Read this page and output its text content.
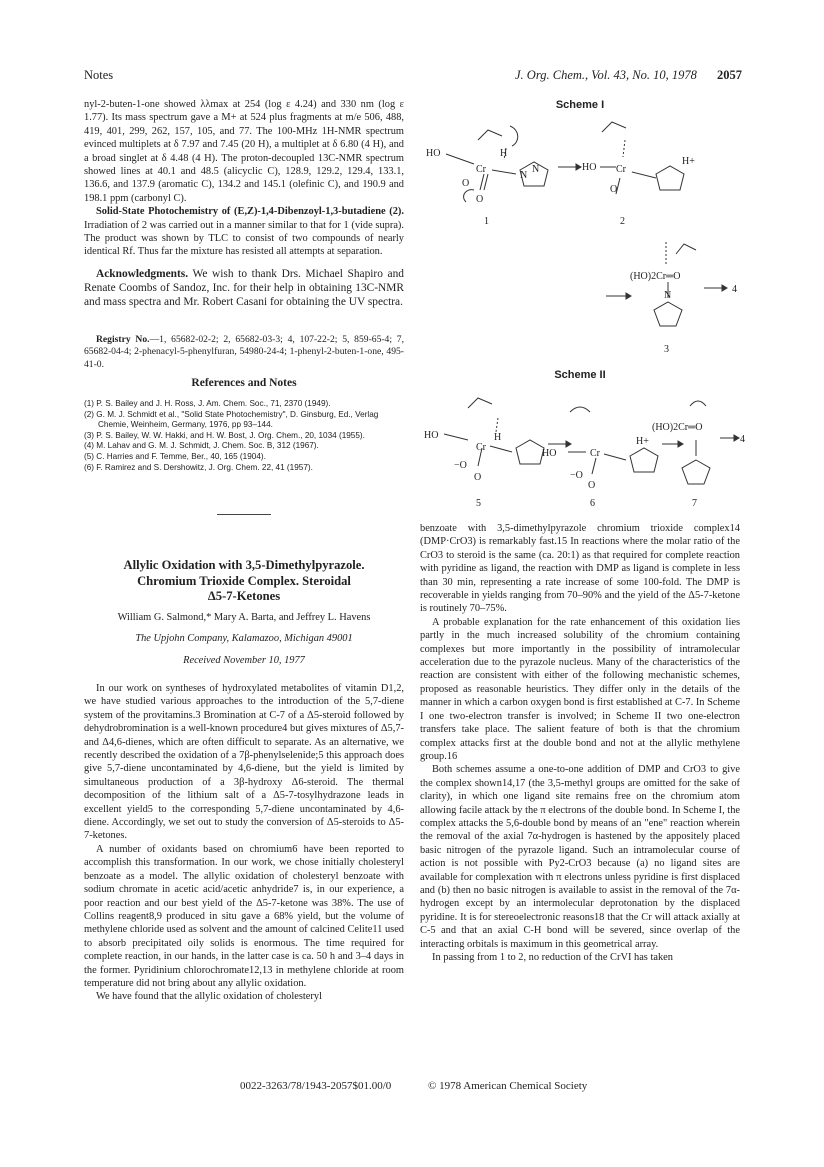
Notes	J. Org. Chem., Vol. 43, No. 10, 1978 2057

nyl-2-buten-1-one showed λλmax at 254 (log ε 4.24) and 330 nm (log ε 1.77). Its mass spectrum gave a M+ at 524 plus fragments at m/e 506, 488, 419, 401, 299, 262, 157, 105, and 77. The 100-MHz 1H-NMR spectrum evinced multiplets at δ 7.97 and 7.45 (20 H), a multiplet at δ 6.80 (4 H), and a broad singlet at δ 4.48 (4 H). The proton-decoupled 13C-NMR spectrum showed lines at 40.1 and 48.5 (alicyclic C), 128.9, 129.2, 129.4, 133.1, 136.6, and 137.9 (aromatic C), 134.2 and 145.1 (olefinic C), and 190.9 and 198.1 ppm (carbonyl C).

Solid-State Photochemistry of (E,Z)-1,4-Dibenzoyl-1,3-butadiene (2). Irradiation of 2 was carried out in a manner similar to that for 1 (vide supra). The product was shown by TLC to consist of two compounds of nearly identical Rf. Thus far the mixture has resisted all attempts at separation.

Acknowledgments. We wish to thank Drs. Michael Shapiro and Renate Coombs of Sandoz, Inc. for their help in obtaining 13C-NMR and mass spectra and Mr. Robert Casani for obtaining the UV spectra.

Registry No.—1, 65682-02-2; 2, 65682-03-3; 4, 107-22-2; 5, 859-65-4; 7, 65682-04-4; 2-phenacyl-5-phenylfuran, 54980-24-4; 1-phenyl-2-buten-1-one, 495-41-0.

References and Notes
(1) P. S. Bailey and J. H. Ross, J. Am. Chem. Soc., 71, 2370 (1949).
(2) G. M. J. Schmidt et al., "Solid State Photochemistry", D. Ginsburg, Ed., Verlag Chemie, Weinheim, Germany, 1976, pp 93–144.
(3) P. S. Bailey, W. W. Hakki, and H. W. Bost, J. Org. Chem., 20, 1034 (1955).
(4) M. Lahav and G. M. J. Schmidt, J. Chem. Soc. B, 312 (1967).
(5) C. Harries and F. Temme, Ber., 40, 165 (1904).
(6) F. Ramirez and S. Dershowitz, J. Org. Chem. 22, 41 (1957).
Allylic Oxidation with 3,5-Dimethylpyrazole.
Chromium Trioxide Complex. Steroidal
Δ5-7-Ketones
William G. Salmond,* Mary A. Barta, and Jeffrey L. Havens
The Upjohn Company, Kalamazoo, Michigan 49001
Received November 10, 1977

In our work on syntheses of hydroxylated metabolites of vitamin D1,2, we have studied various approaches to the introduction of the 5,7-diene system of the provitamins.3 Bromination at C-7 of a Δ5-steroid followed by dehydrobromination is a well-known procedure4 but gives mixtures of Δ5,7- and Δ4,6-dienes, which are often difficult to separate. As an alternative, we recently described the oxidation of a 7β-phenylselenide;5 this approach does give 5,7-diene uncontaminated by 4,6-diene, but the yield is limited by simultaneous production of a 3β-hydroxy Δ6-steroid. The thermal decomposition of the lithium salt of a Δ5-7-tosylhydrazone leads in excellent yield5 to the corresponding 5,7-diene uncontaminated by 4,6-diene. Accordingly, we set out to study the conversion of Δ5-steroids to Δ5-7-ketones.

A number of oxidants based on chromium6 have been reported to accomplish this transformation. In our work, we chose initially cholesteryl benzoate as a model. The allylic oxidation of cholesteryl benzoate with sodium chromate in acetic acid/acetic anhydride7 is, in our experience, a poor reaction and our best yield of the Δ5-7-ketone was 38%. The use of Collins reagent8,9 produced in situ gave a 68% yield, but the volume of methylene chloride used as solvent and the amount of calcined Celite11 used to absorb precipitated oily solids is enormous. The time required for complete reaction, in our hands, in the latter case is ca. 50 h and 3–4 days in the former. Pyridinium chlorochromate12,13 in methylene chloride at room temperature did not bring about any allylic oxidation.

We have found that the allylic oxidation of cholesteryl

Scheme I
HO
Cr
O
O
N
N
H
1	2
HO Cr
O
H+
(HO)2Cr═O
N
3
4
Scheme II
HO	H
Cr
−O
O
HO	Cr
−O
O
H+
(HO)2Cr═O
4
5	6	7

benzoate with 3,5-dimethylpyrazole chromium trioxide complex14 (DMP·CrO3) is remarkably fast.15 In reactions where the molar ratio of the CrO3 to steroid is the same (ca. 20:1) as that required for complete reaction with pyridine as ligand, the reaction with DMP as ligand is complete in less than 30 min, representing a rate increase of some 100-fold. The DMP is recoverable in yields ranging from 70–90% and the yield of the Δ5-7-ketone is routinely 70–75%.

A probable explanation for the rate enhancement of this oxidation lies partly in the much increased solubility of the chromium containing complexes but more importantly in the possibility of intramolecular acceleration due to the pyrazole nucleus. Many of the characteristics of the reaction are consistent with either of the following mechanistic schemes, proposed as reasonable heuristics. They differ only in the details of the manner in which a carbon oxygen bond is first established at C-7. In Scheme I one two-electron transfer is involved; in Scheme II two one-electron transfers take place. The salient feature of both is that the chromium complex attacks first at the double bond and not at the allylic methylene group.16

Both schemes assume a one-to-one addition of DMP and CrO3 to give the complex shown14,17 (the 3,5-methyl groups are omitted for the sake of clarity), in which one ligand site remains free on the chromium atom allowing facile attack by the π electrons of the double bond. In Scheme I, the complex attacks the 5,6-double bond by means of an "ene" reaction wherein the removal of the axial 7α-hydrogen is hastened by the appositely placed basic nitrogen of the pyrazole ligand. Such an intramolecular course of action is not possible with Py2-CrO3 because (a) no ligand sites are available for complexation with π electrons unless pyridine is first displaced and (b) then no basic nitrogen is available to assist in the removal of the 7α-hydrogen except by an intermolecular deprotonation by the displaced pyridine. It is for stereoelectronic reasons18 that the Cr will attack axially at C-5 and that an axial C-H bond will be severed, since overlap of the interacting orbitals is maximum in this geometrical array.

In passing from 1 to 2, no reduction of the CrVI has taken

0022-3263/78/1943-2057$01.00/0	© 1978 American Chemical Society
